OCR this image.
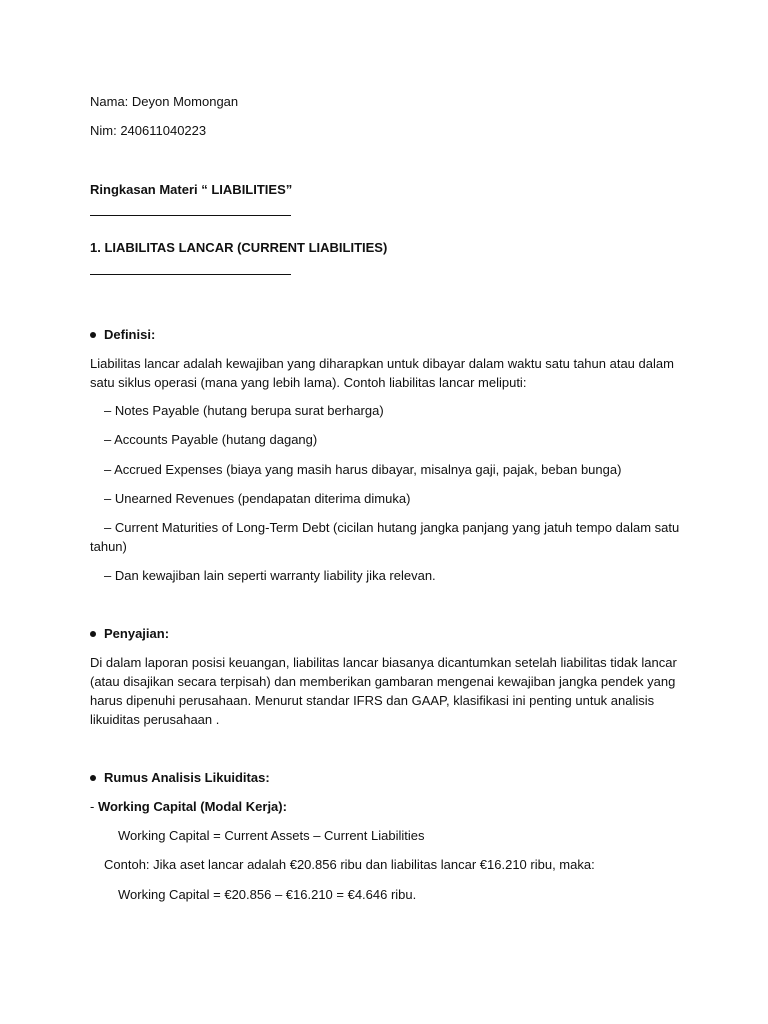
Nama: Deyon Momongan
Nim: 240611040223
Ringkasan Materi “ LIABILITIES”
1. LIABILITAS LANCAR (CURRENT LIABILITIES)
Definisi:
Liabilitas lancar adalah kewajiban yang diharapkan untuk dibayar dalam waktu satu tahun atau dalam
satu siklus operasi (mana yang lebih lama). Contoh liabilitas lancar meliputi:
– Notes Payable (hutang berupa surat berharga)
– Accounts Payable (hutang dagang)
– Accrued Expenses (biaya yang masih harus dibayar, misalnya gaji, pajak, beban bunga)
– Unearned Revenues (pendapatan diterima dimuka)
– Current Maturities of Long-Term Debt (cicilan hutang jangka panjang yang jatuh tempo dalam satu
tahun)
– Dan kewajiban lain seperti warranty liability jika relevan.
Penyajian:
Di dalam laporan posisi keuangan, liabilitas lancar biasanya dicantumkan setelah liabilitas tidak lancar
(atau disajikan secara terpisah) dan memberikan gambaran mengenai kewajiban jangka pendek yang
harus dipenuhi perusahaan. Menurut standar IFRS dan GAAP, klasifikasi ini penting untuk analisis
likuiditas perusahaan .
Rumus Analisis Likuiditas:
- Working Capital (Modal Kerja):
Working Capital = Current Assets – Current Liabilities
Contoh: Jika aset lancar adalah €20.856 ribu dan liabilitas lancar €16.210 ribu, maka:
Working Capital = €20.856 – €16.210 = €4.646 ribu.
